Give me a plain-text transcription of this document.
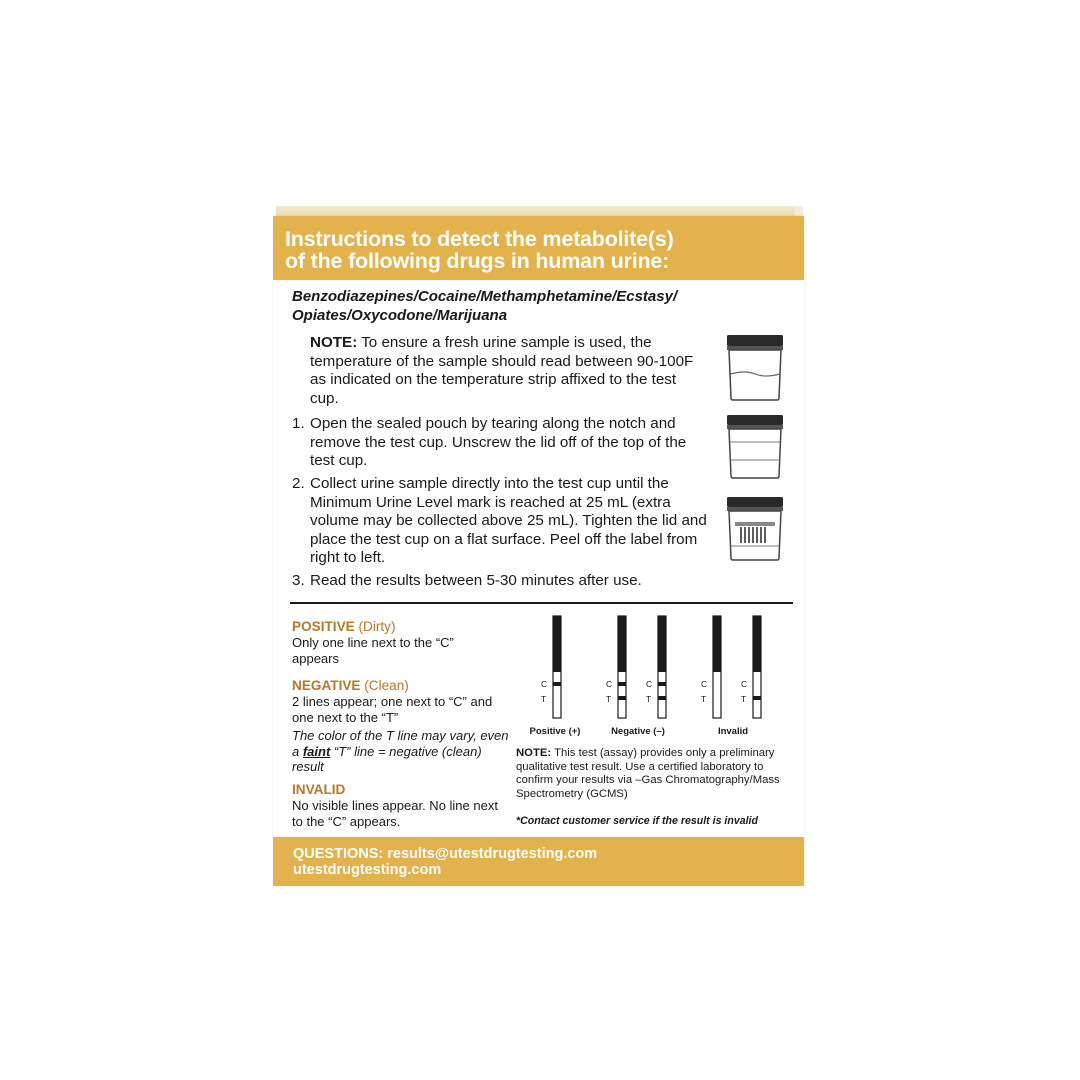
Instructions to detect the metabolite(s)
of the following drugs in human urine:
Benzodiazepines/Cocaine/Methamphetamine/Ecstasy/
Opiates/Oxycodone/Marijuana
NOTE: To ensure a fresh urine sample is used, the temperature of the sample should read between 90-100F as indicated on the temperature strip affixed to the test cup.
1. Open the sealed pouch by tearing along the notch and remove the test cup. Unscrew the lid off of the top of the test cup.
2. Collect urine sample directly into the test cup until the Minimum Urine Level mark is reached at 25 mL (extra volume may be collected above 25 mL). Tighten the lid and place the test cup on a flat surface. Peel off the label from right to left.
3. Read the results between 5-30 minutes after use.
POSITIVE (Dirty)
Only one line next to the “C” appears
NEGATIVE (Clean)
2 lines appear; one next to “C” and one next to the “T”
The color of the T line may vary, even a faint “T” line = negative (clean) result
INVALID
No visible lines appear. No line next to the “C” appears.
C
T
Positive (+)
C
T
C
T
Negative (–)
C
T
C
T
Invalid
NOTE: This test (assay) provides only a preliminary qualitative test result. Use a certified laboratory to confirm your results via –Gas Chromatography/Mass Spectrometry (GCMS)
*Contact customer service if the result is invalid
QUESTIONS: results@utestdrugtesting.com
utestdrugtesting.com
